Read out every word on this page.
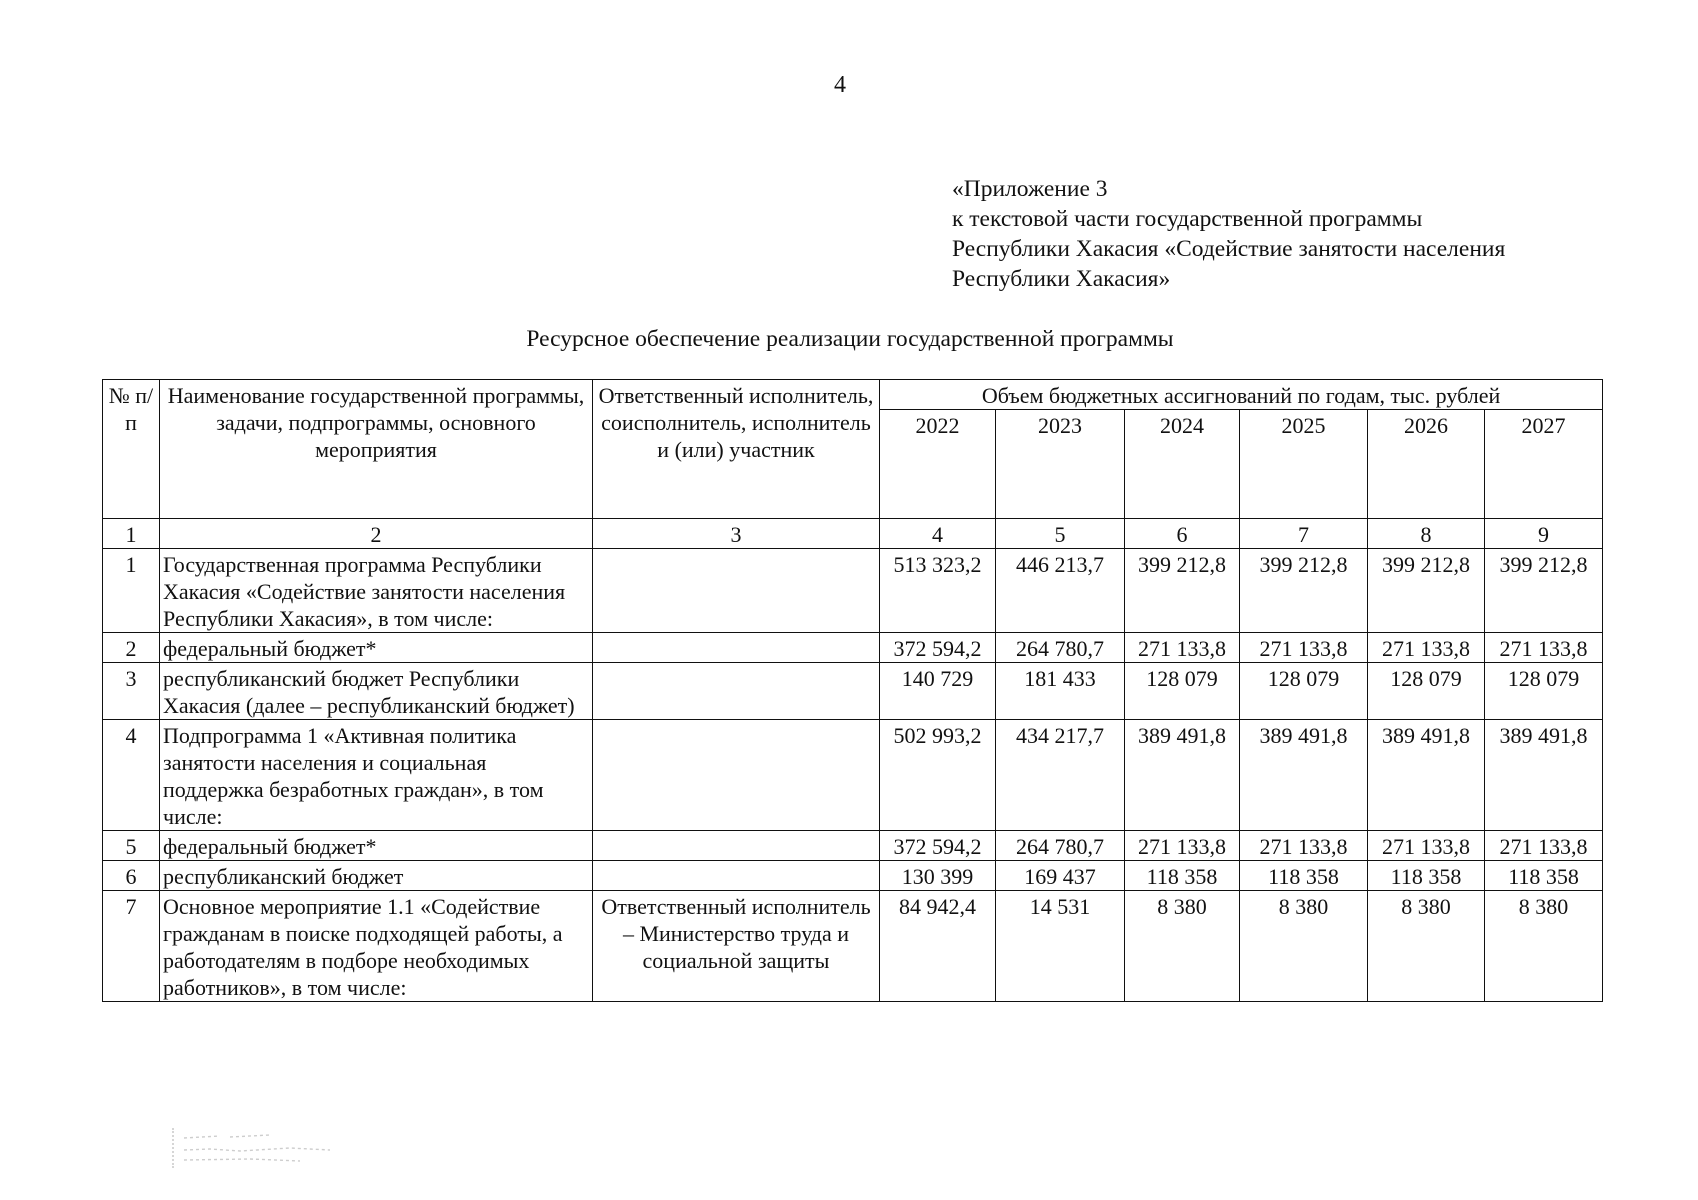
4
«Приложение 3
к текстовой части государственной программы
Республики Хакасия «Содействие занятости населения
Республики Хакасия»
Ресурсное обеспечение реализации государственной программы
№ п/п	Наименование государственной программы, задачи, подпрограммы, основного мероприятия	Ответственный исполнитель, соисполнитель, исполнитель и (или) участник	Объем бюджетных ассигнований по годам, тыс. рублей					
			2022	2023	2024	2025	2026	2027
1	2	3	4	5	6	7	8	9
1	Государственная программа Республики Хакасия «Содействие занятости населения Республики Хакасия», в том числе:		513 323,2	446 213,7	399 212,8	399 212,8	399 212,8	399 212,8
2	федеральный бюджет*		372 594,2	264 780,7	271 133,8	271 133,8	271 133,8	271 133,8
3	республиканский бюджет Республики Хакасия (далее – республиканский бюджет)		140 729	181 433	128 079	128 079	128 079	128 079
4	Подпрограмма 1 «Активная политика занятости населения и социальная поддержка безработных граждан», в том числе:		502 993,2	434 217,7	389 491,8	389 491,8	389 491,8	389 491,8
5	федеральный бюджет*		372 594,2	264 780,7	271 133,8	271 133,8	271 133,8	271 133,8
6	республиканский бюджет		130 399	169 437	118 358	118 358	118 358	118 358
7	Основное мероприятие 1.1 «Содействие гражданам в поиске подходящей работы, а работодателям в подборе необходимых работников», в том числе:	Ответственный исполнитель – Министерство труда и социальной защиты	84 942,4	14 531	8 380	8 380	8 380	8 380
